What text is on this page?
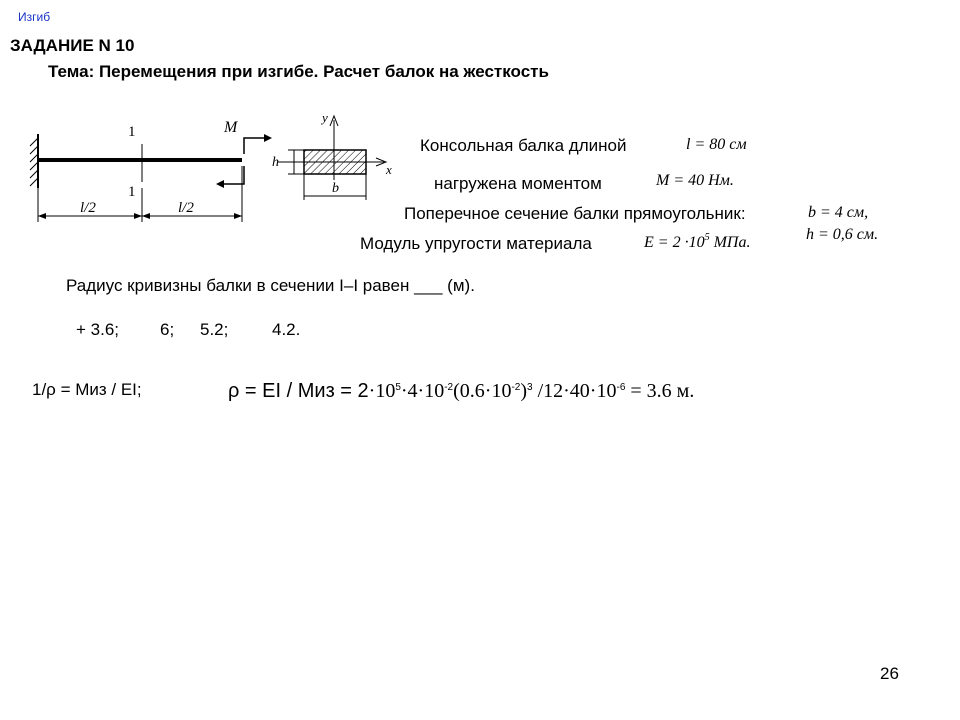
Изгиб
ЗАДАНИЕ N 10
Тема: Перемещения при изгибе. Расчет балок на жесткость
1
1
M
l/2	l/2
y
x
h
b
Консольная балка длиной	l = 80 см
нагружена моментом	M = 40 Нм.
Поперечное сечение балки прямоугольник:	b = 4 см,
h = 0,6 см.
Модуль упругости материала	$E = 2 \cdot 10^5$ МПа.
Радиус кривизны балки в сечении I–I равен ___ (м).
+ 3.6; 6; 5.2;	4.2.
1/ρ = Миз / EI;	ρ = EI / Миз = $2\cdot 10^5\cdot 4\cdot 10^{-2}(0.6\cdot 10^{-2})^3$ $/12\cdot 40\cdot 10^{-6} = 3.6$ м.
26
